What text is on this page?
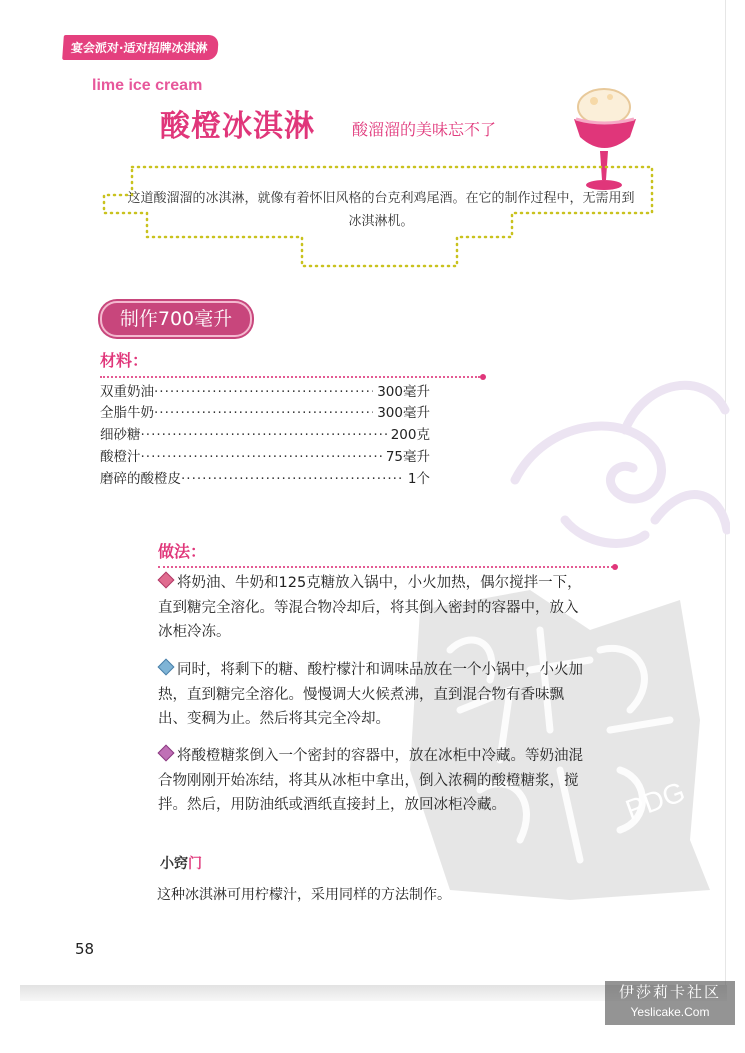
PDG
宴会派对·适对招牌冰淇淋
lime ice cream
酸橙冰淇淋 酸溜溜的美味忘不了
这道酸溜溜的冰淇淋，就像有着怀旧风格的台克利鸡尾酒。在它的制作过程中，无需用到冰淇淋机。
制作700毫升
材料：
双重奶油 ·····	300毫升
全脂牛奶 ·····	300毫升
细砂糖 ·····	200克
酸橙汁 ·····	75毫升
磨碎的酸橙皮 ·····	1个
做法：
将奶油、牛奶和125克糖放入锅中，小火加热，偶尔搅拌一下，直到糖完全溶化。等混合物冷却后，将其倒入密封的容器中，放入冰柜冷冻。
同时，将剩下的糖、酸柠檬汁和调味品放在一个小锅中，小火加热，直到糖完全溶化。慢慢调大火候煮沸，直到混合物有香味飘出、变稠为止。然后将其完全冷却。
将酸橙糖浆倒入一个密封的容器中，放在冰柜中冷藏。等奶油混合物刚刚开始冻结，将其从冰柜中拿出，倒入浓稠的酸橙糖浆，搅拌。然后，用防油纸或酒纸直接封上，放回冰柜冷藏。
小窍门
这种冰淇淋可用柠檬汁，采用同样的方法制作。
58
伊莎莉卡社区
Yeslicake.Com
